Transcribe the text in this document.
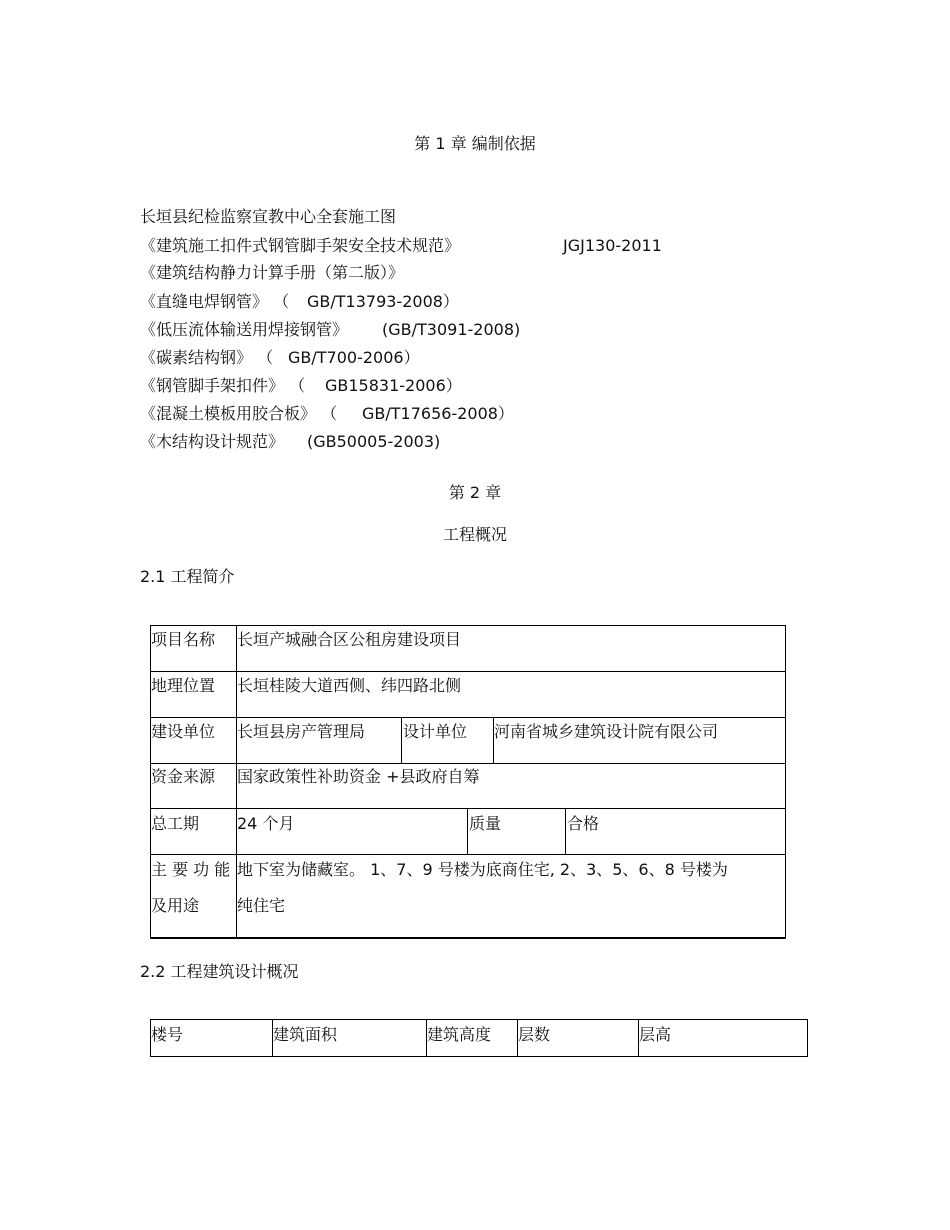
第 1 章 编制依据
长垣县纪检监察宣教中心全套施工图
《建筑施工扣件式钢管脚手架安全技术规范》	JGJ130-2011
《建筑结构静力计算手册（第二版）》
《直缝电焊钢管》 （ GB/T13793-2008）
《低压流体输送用焊接钢管》 (GB/T3091-2008)
《碳素结构钢》 （ GB/T700-2006）
《钢管脚手架扣件》 （ GB15831-2006）
《混凝土模板用胶合板》 （ GB/T17656-2008）
《木结构设计规范》 (GB50005-2003)
第 2 章
工程概况
2.1 工程简介
项目名称 长垣产城融合区公租房建设项目
地理位置 长垣桂陵大道西侧、纬四路北侧
建设单位 长垣县房产管理局 设计单位 河南省城乡建筑设计院有限公司
资金来源 国家政策性补助资金 +县政府自筹
总工期 24 个月	质量	合格
主 要 功 能
及用途
地下室为储藏室。 1、7、9 号楼为底商住宅, 2、3、5、6、8 号楼为
纯住宅
2.2 工程建筑设计概况
楼号	建筑面积	建筑高度 层数	层高
